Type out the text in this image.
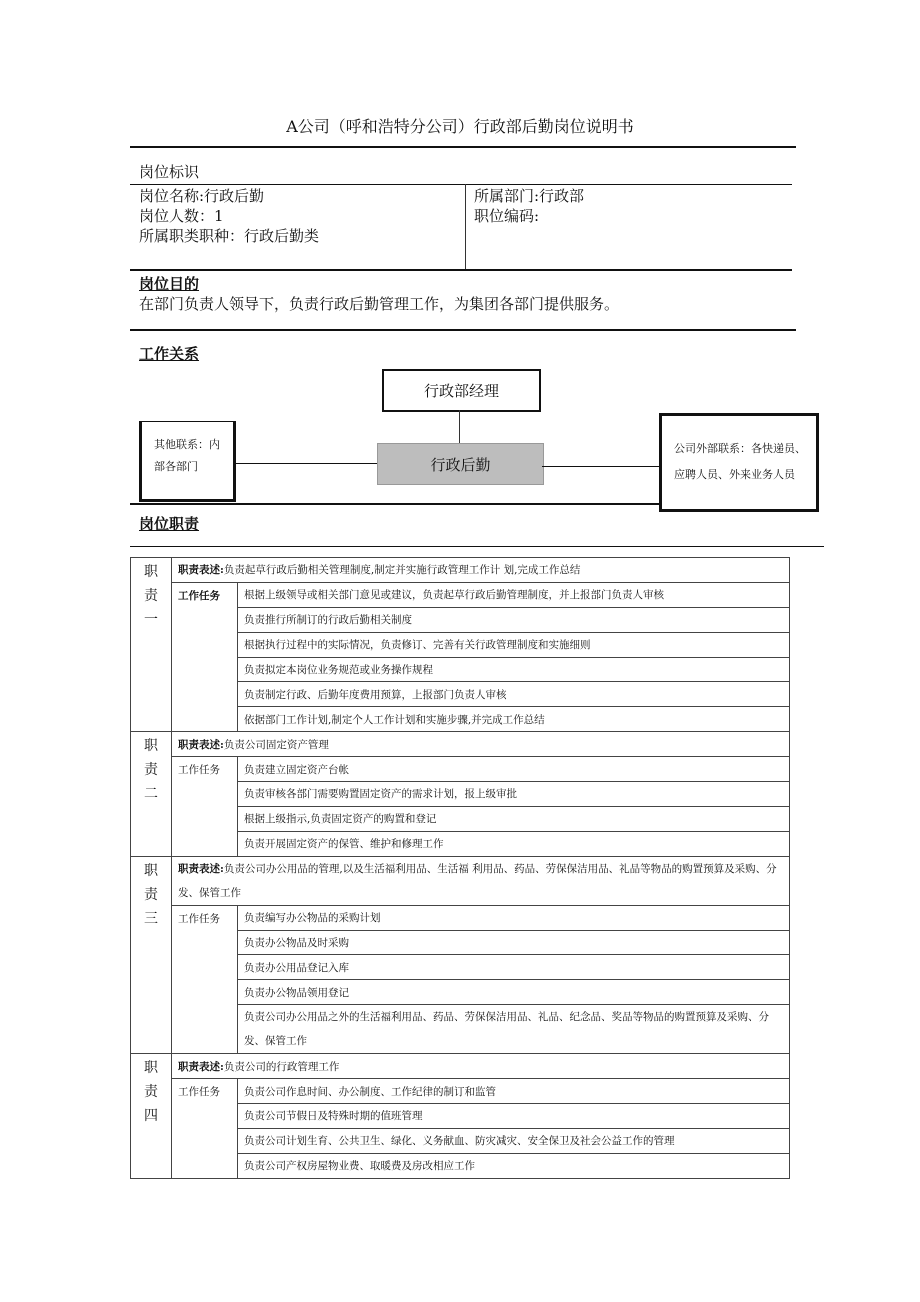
A公司（呼和浩特分公司）行政部后勤岗位说明书
岗位标识
岗位名称:行政后勤
岗位人数：1
所属职类职种：行政后勤类
所属部门:行政部
职位编码:
岗位目的
在部门负责人领导下，负责行政后勤管理工作，为集团各部门提供服务。
工作关系
行政部经理
行政后勤
其他联系：内
部各部门
公司外部联系：各快递员、
应聘人员、外来业务人员
岗位职责
职
责
一	职责表述:负责起草行政后勤相关管理制度,制定并实施行政管理工作计 划,完成工作总结	
	工作任务	根据上级领导或相关部门意见或建议，负责起草行政后勤管理制度，并上报部门负责人审核
		负责推行所制订的行政后勤相关制度
		根据执行过程中的实际情况，负责修订、完善有关行政管理制度和实施细则
		负责拟定本岗位业务规范或业务操作规程
		负责制定行政、后勤年度费用预算，上报部门负责人审核
		依据部门工作计划,制定个人工作计划和实施步骤,并完成工作总结

职
责
二	职责表述:负责公司固定资产管理	
	工作任务	负责建立固定资产台帐
		负责审核各部门需要购置固定资产的需求计划，报上级审批
		根据上级指示,负责固定资产的购置和登记
		负责开展固定资产的保管、维护和修理工作

职
责
三	职责表述:负责公司办公用品的管理,以及生活福利用品、生活福 利用品、药品、劳保保洁用品、礼品等物品的购置预算及采购、分发、保管工作	
	工作任务	负责编写办公物品的采购计划
		负责办公物品及时采购
		负责办公用品登记入库
		负责办公物品领用登记
		负责公司办公用品之外的生活福利用品、药品、劳保保洁用品、礼品、纪念品、奖品等物品的购置预算及采购、分发、保管工作

职
责
四	职责表述:负责公司的行政管理工作	
	工作任务	负责公司作息时间、办公制度、工作纪律的制订和监管
		负责公司节假日及特殊时期的值班管理
		负责公司计划生育、公共卫生、绿化、义务献血、防灾减灾、安全保卫及社会公益工作的管理
		负责公司产权房屋物业费、取暖费及房改相应工作
